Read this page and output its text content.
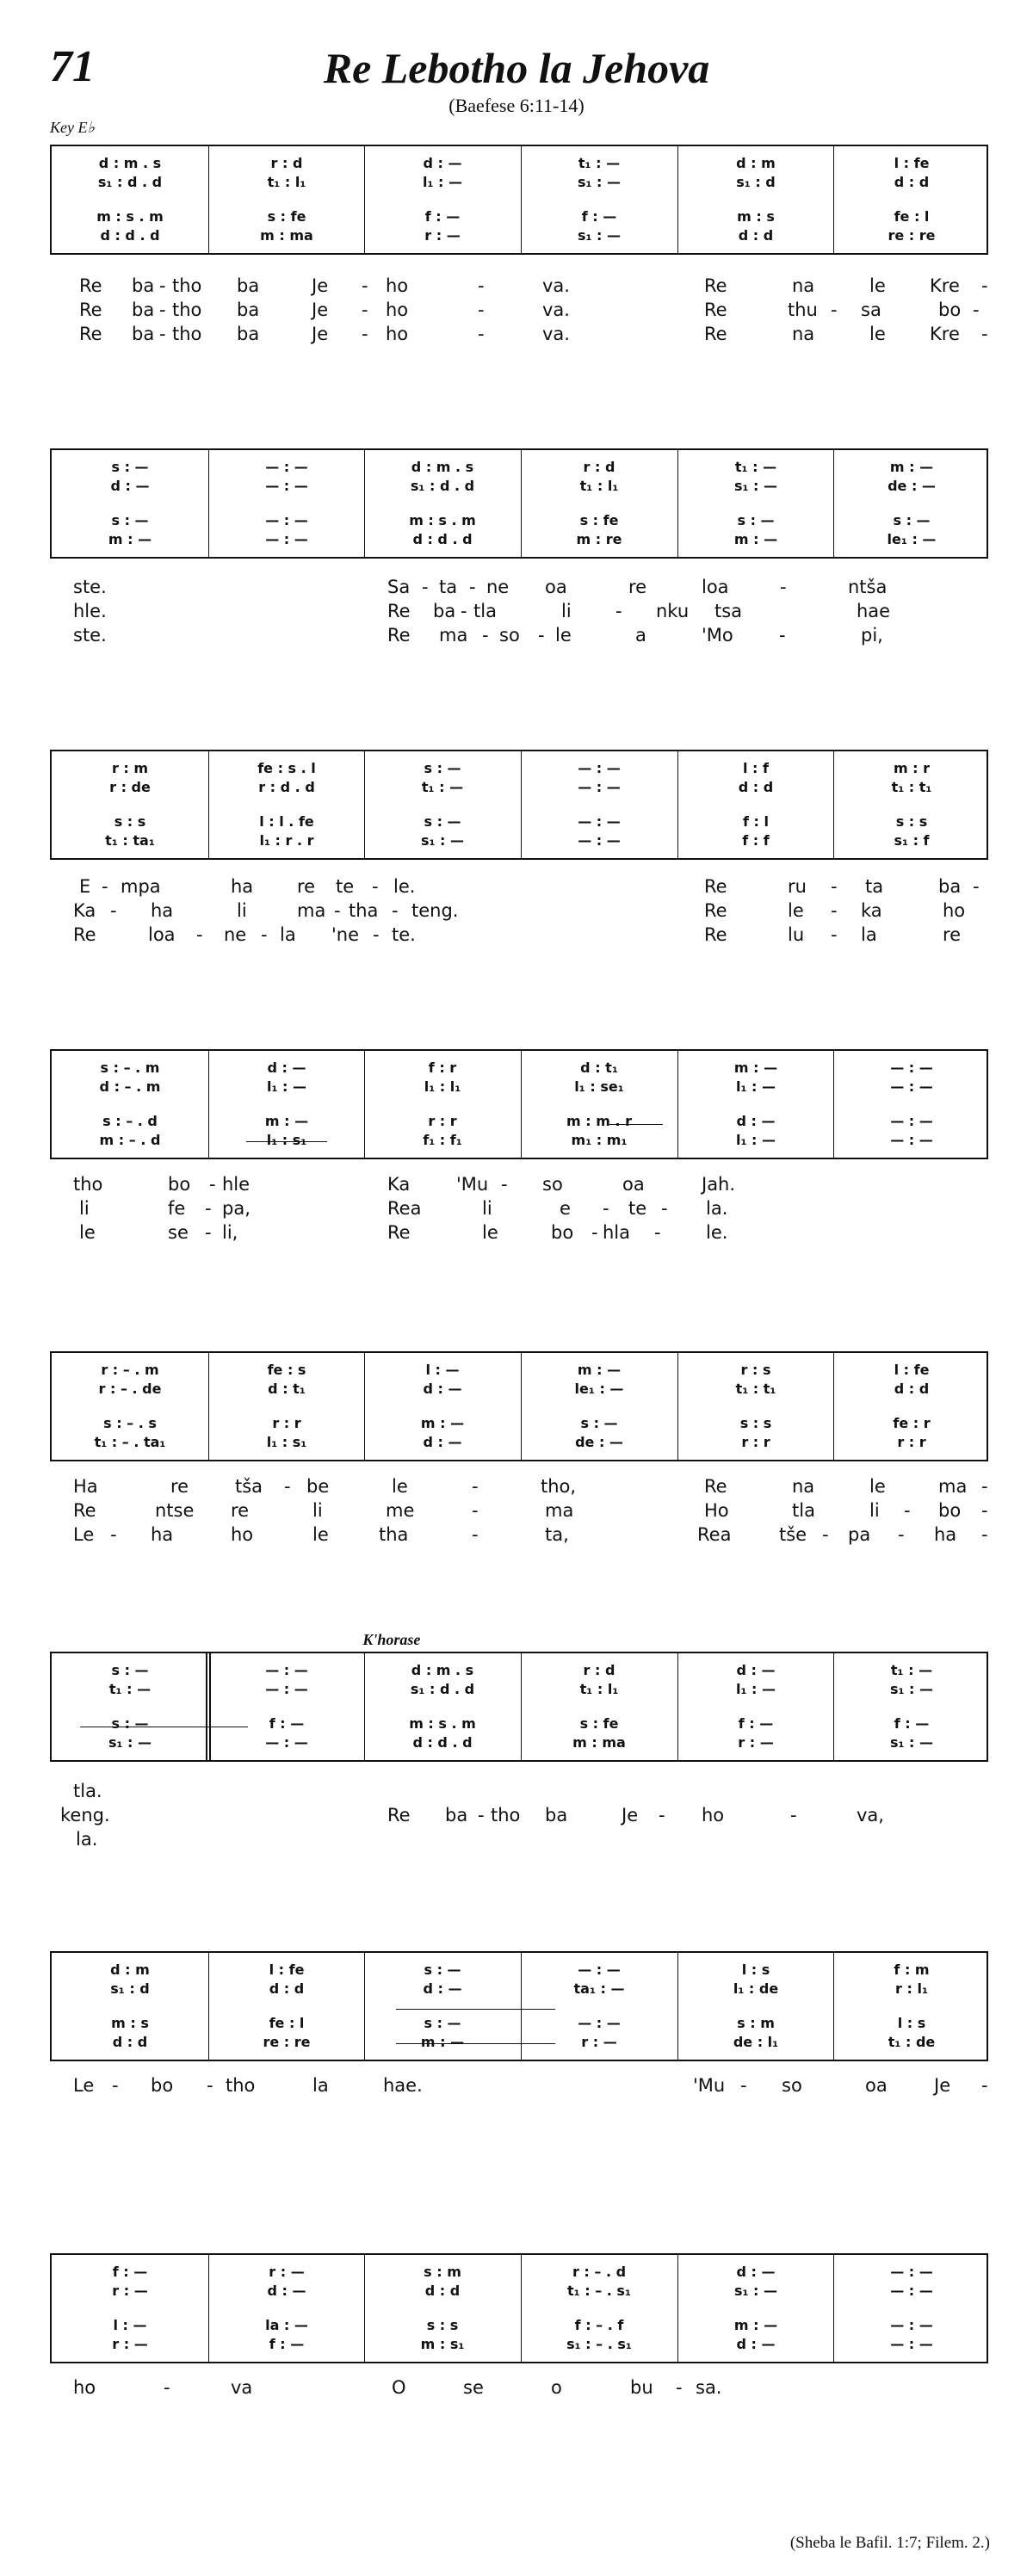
71	Re Lebotho la Jehova
(Baefese 6:11-14)
Key E♭
d : m . s	r : d	d : —	t₁ : —	d : m	l : fe
s₁ : d . d	t₁ : l₁	l₁ : —	s₁ : —	s₁ : d	d : d
m : s . m	s : fe	f : —	f : —	m : s	fe : l
d : d . d	m : ma	r : —	s₁ : —	d : d	re : re
Re ba - tho ba	Je - ho	-	va.	Re	na	le Kre -
Re ba - tho ba	Je - ho	-	va.	Re	thu - sa	bo -
Re ba - tho ba	Je - ho	-	va.	Re	na	le Kre -
s : —	— : —	d : m . s	r : d	t₁ : —	m : —
d : —	— : —	s₁ : d . d	t₁ : l₁	s₁ : —	de : —
s : —	— : —	m : s . m	s : fe	s : —	s : —
m : —	— : —	d : d . d	m : re	m : —	le₁ : —
ste.	Sa - ta - ne oa	re	loa	-	ntša
hle.	Re ba - tla	li - nku tsa	hae
ste.	Re ma - so - le	a	'Mo	-	pi,
r : m	fe : s . l	s : —	— : —	l : f	m : r
r : de	r : d . d	t₁ : —	— : —	d : d	t₁ : t₁
s : s	l : l . fe	s : —	— : —	f : l	s : s
t₁ : ta₁	l₁ : r . r	s₁ : —	— : —	f : f	s₁ : f
E - mpa	ha re te - le.	Re	ru - ta	ba -
Ka - ha	li	ma - tha - teng.	Re	le - ka	ho
Re	loa - ne - la 'ne - te.	Re	lu - la	re
s : – . m	d : —	f : r	d : t₁	m : —	— : —
d : – . m	l₁ : —	l₁ : l₁	l₁ : se₁	l₁ : —	— : —
s : – . d	m : —	r : r	m : m . r	d : —	— : —
m : – . d	l₁ : s₁	f₁ : f₁	m₁ : m₁	l₁ : —	— : —
tho	bo - hle	Ka	'Mu - so	oa	Jah.
li	fe - pa,	Rea	li	e - te - la.
le	se - li,	Re	le	bo - hla - le.
r : – . m	fe : s	l : —	m : —	r : s	l : fe
r : – . de	d : t₁	d : —	le₁ : —	t₁ : t₁	d : d
s : – . s	r : r	m : —	s : —	s : s	fe : r
t₁ : – . ta₁	l₁ : s₁	d : —	de : —	r : r	r : r
Ha	re	tša - be	le	-	tho,	Re	na	le	ma -
Re	ntse re	li	me	-	ma	Ho	tla	li - bo -
Le - ha	ho	le	tha	-	ta,	Rea	tše - pa - ha -
K'horase
s : —	— : —	d : m . s	r : d	d : —	t₁ : —
t₁ : —	— : —	s₁ : d . d	t₁ : l₁	l₁ : —	s₁ : —
s : —	f : —	m : s . m	s : fe	f : —	f : —
s₁ : —	— : —	d : d . d	m : ma	r : —	s₁ : —
tla.
keng.	Re ba - tho ba	Je - ho	-	va,
la.
d : m	l : fe	s : —	— : —	l : s	f : m
s₁ : d	d : d	d : —	ta₁ : —	l₁ : de	r : l₁
m : s	fe : l	s : —	— : —	s : m	l : s
d : d	re : re	m : —	r : —	de : l₁	t₁ : de
Le - bo - tho	la	hae.	'Mu - so	oa	Je -
f : —	r : —	s : m	r : – . d	d : —	— : —
r : —	d : —	d : d	t₁ : – . s₁	s₁ : —	— : —
l : —	la : —	s : s	f : – . f	m : —	— : —
r : —	f : —	m : s₁	s₁ : – . s₁	d : —	— : —
ho	-	va	O	se	o	bu - sa.
(Sheba le Bafil. 1:7; Filem. 2.)
